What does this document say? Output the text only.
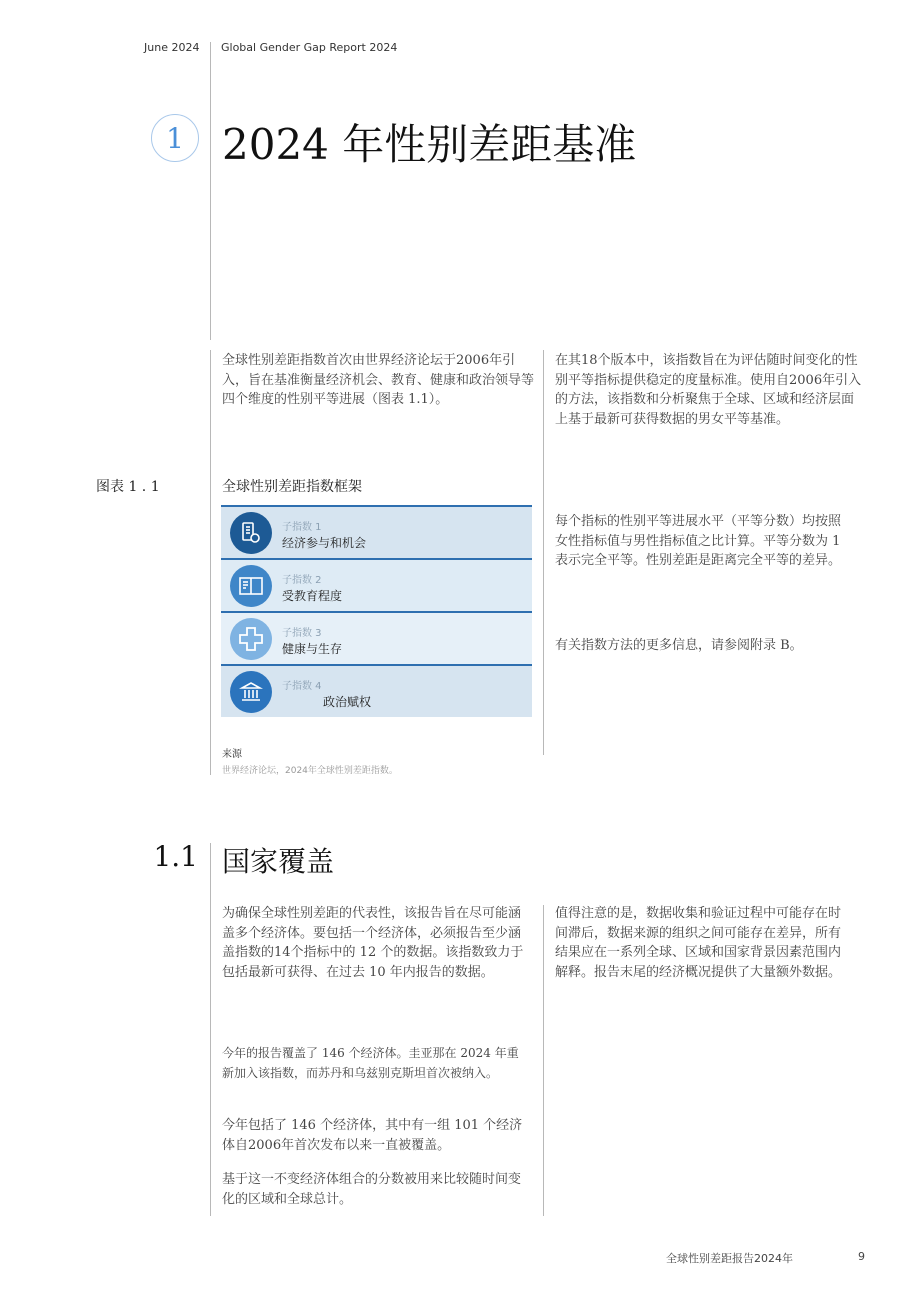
June 2024 Global Gender Gap Report 2024
1 2024 年性别差距基准

全球性别差距指数首次由世界经济论坛于2006年引入，旨在基准衡量经济机会、教育、健康和政治领导等四个维度的性别平等进展（图表 1.1）。

在其18个版本中，该指数旨在为评估随时间变化的性别平等指标提供稳定的度量标准。使用自2006年引入的方法，该指数和分析聚焦于全球、区域和经济层面上基于最新可获得数据的男女平等基准。

图表 1 . 1	全球性别差距指数框架
子指数 1
经济参与和机会
子指数 2
受教育程度
子指数 3
健康与生存
子指数 4
政治赋权
来源
世界经济论坛，2024年全球性别差距指数。

每个指标的性别平等进展水平（平等分数）均按照女性指标值与男性指标值之比计算。平等分数为 1 表示完全平等。性别差距是距离完全平等的差异。

有关指数方法的更多信息，请参阅附录 B。

1.1 国家覆盖

为确保全球性别差距的代表性，该报告旨在尽可能涵盖多个经济体。要包括一个经济体，必须报告至少涵盖指数的14个指标中的 12 个的数据。该指数致力于包括最新可获得、在过去 10 年内报告的数据。

今年的报告覆盖了 146 个经济体。圭亚那在 2024 年重新加入该指数，而苏丹和乌兹别克斯坦首次被纳入。

今年包括了 146 个经济体，其中有一组 101 个经济体自2006年首次发布以来一直被覆盖。

基于这一不变经济体组合的分数被用来比较随时间变化的区域和全球总计。

值得注意的是，数据收集和验证过程中可能存在时间滞后，数据来源的组织之间可能存在差异，所有结果应在一系列全球、区域和国家背景因素范围内解释。报告末尾的经济概况提供了大量额外数据。

全球性别差距报告2024年	9
